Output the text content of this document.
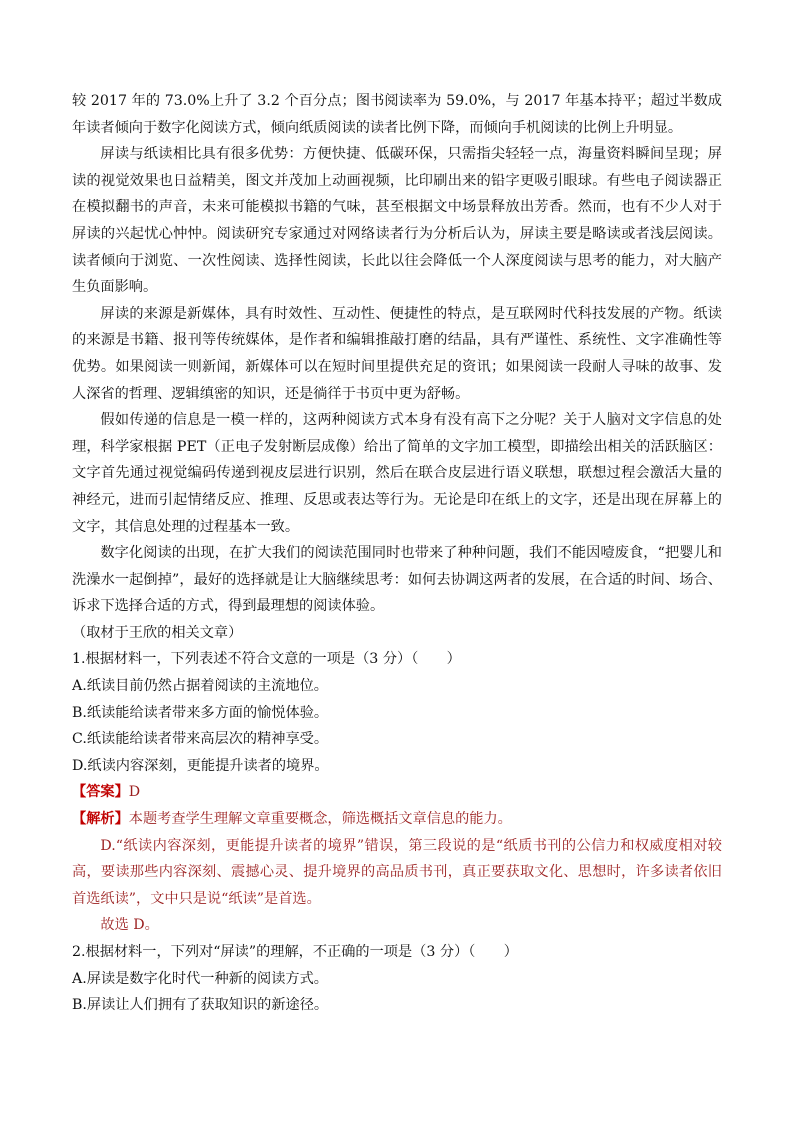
较 2017 年的 73.0%上升了 3.2 个百分点；图书阅读率为 59.0%，与 2017 年基本持平；超过半数成年读者倾向于数字化阅读方式，倾向纸质阅读的读者比例下降，而倾向手机阅读的比例上升明显。

屏读与纸读相比具有很多优势：方便快捷、低碳环保，只需指尖轻轻一点，海量资料瞬间呈现；屏读的视觉效果也日益精美，图文并茂加上动画视频，比印刷出来的铅字更吸引眼球。有些电子阅读器正在模拟翻书的声音，未来可能模拟书籍的气味，甚至根据文中场景释放出芳香。然而，也有不少人对于屏读的兴起忧心忡忡。阅读研究专家通过对网络读者行为分析后认为，屏读主要是略读或者浅层阅读。读者倾向于浏览、一次性阅读、选择性阅读，长此以往会降低一个人深度阅读与思考的能力，对大脑产生负面影响。

屏读的来源是新媒体，具有时效性、互动性、便捷性的特点，是互联网时代科技发展的产物。纸读的来源是书籍、报刊等传统媒体，是作者和编辑推敲打磨的结晶，具有严谨性、系统性、文字准确性等优势。如果阅读一则新闻，新媒体可以在短时间里提供充足的资讯；如果阅读一段耐人寻味的故事、发人深省的哲理、逻辑缜密的知识，还是徜徉于书页中更为舒畅。

假如传递的信息是一模一样的，这两种阅读方式本身有没有高下之分呢？关于人脑对文字信息的处理，科学家根据 PET（正电子发射断层成像）给出了简单的文字加工模型，即描绘出相关的活跃脑区：文字首先通过视觉编码传递到视皮层进行识别，然后在联合皮层进行语义联想，联想过程会激活大量的神经元，进而引起情绪反应、推理、反思或表达等行为。无论是印在纸上的文字，还是出现在屏幕上的文字，其信息处理的过程基本一致。

数字化阅读的出现，在扩大我们的阅读范围同时也带来了种种问题，我们不能因噎废食，“把婴儿和洗澡水一起倒掉”，最好的选择就是让大脑继续思考：如何去协调这两者的发展，在合适的时间、场合、诉求下选择合适的方式，得到最理想的阅读体验。

（取材于王欣的相关文章）

1.根据材料一，下列表述不符合文意的一项是（3 分）（　　）

A.纸读目前仍然占据着阅读的主流地位。

B.纸读能给读者带来多方面的愉悦体验。

C.纸读能给读者带来高层次的精神享受。

D.纸读内容深刻，更能提升读者的境界。

【答案】D

【解析】本题考查学生理解文章重要概念，筛选概括文章信息的能力。

D.“纸读内容深刻，更能提升读者的境界”错误，第三段说的是“纸质书刊的公信力和权威度相对较高，要读那些内容深刻、震撼心灵、提升境界的高品质书刊，真正要获取文化、思想时，许多读者依旧首选纸读”，文中只是说“纸读”是首选。

故选 D。

2.根据材料一，下列对“屏读”的理解，不正确的一项是（3 分）（　　）

A.屏读是数字化时代一种新的阅读方式。

B.屏读让人们拥有了获取知识的新途径。
